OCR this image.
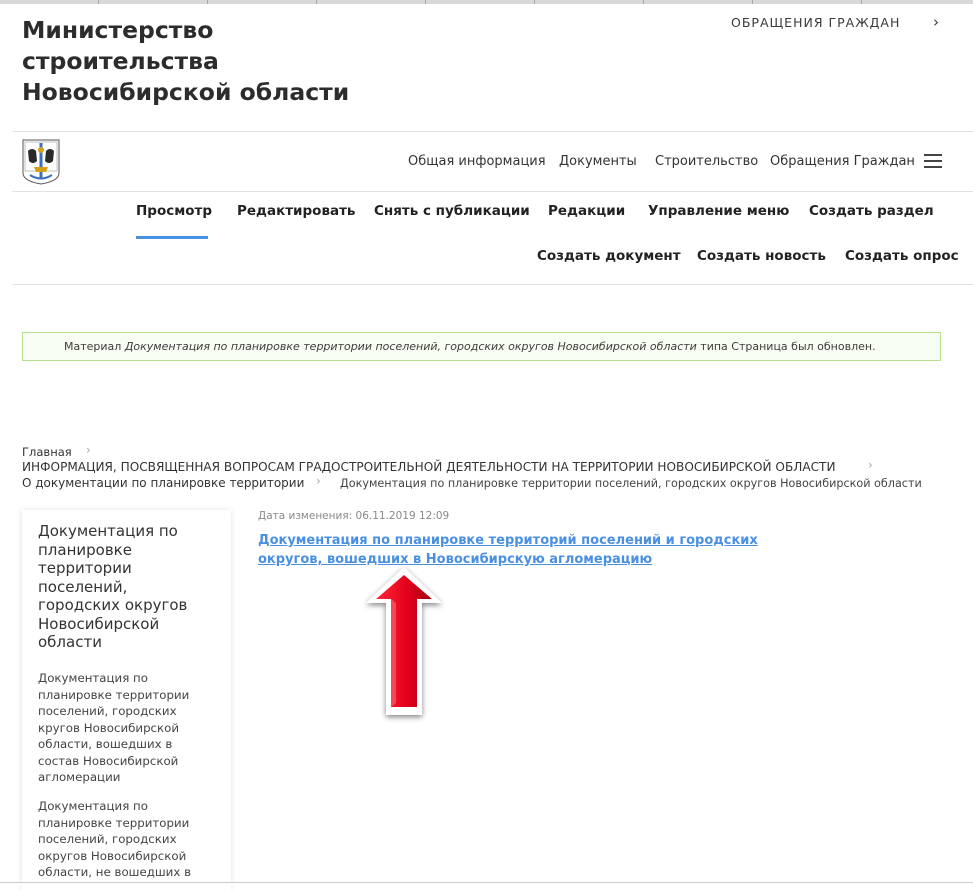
Министерство строительства Новосибирской области
ОБРАЩЕНИЯ ГРАЖДАН ›
Общая информация Документы Строительство Обращения Граждан
Просмотр Редактировать Снять с публикации Редакции Управление меню Создать раздел
Создать документ Создать новость Создать опрос
Материал Документация по планировке территории поселений, городских округов Новосибирской области типа Страница был обновлен.
Главная ›
ИНФОРМАЦИЯ, ПОСВЯЩЕННАЯ ВОПРОСАМ ГРАДОСТРОИТЕЛЬНОЙ ДЕЯТЕЛЬНОСТИ НА ТЕРРИТОРИИ НОВОСИБИРСКОЙ ОБЛАСТИ	›
О документации по планировке территории › Документация по планировке территории поселений, городских округов Новосибирской области
Документация по планировке территории поселений, городских округов Новосибирской области
Документация по планировке территории поселений, городских кругов Новосибирской области, вошедших в состав Новосибирской агломерации
Документация по планировке территории поселений, городских округов Новосибирской области, не вошедших в
Дата изменения: 06.11.2019 12:09
Документация по планировке территорий поселений и городских округов, вошедших в Новосибирскую агломерацию
